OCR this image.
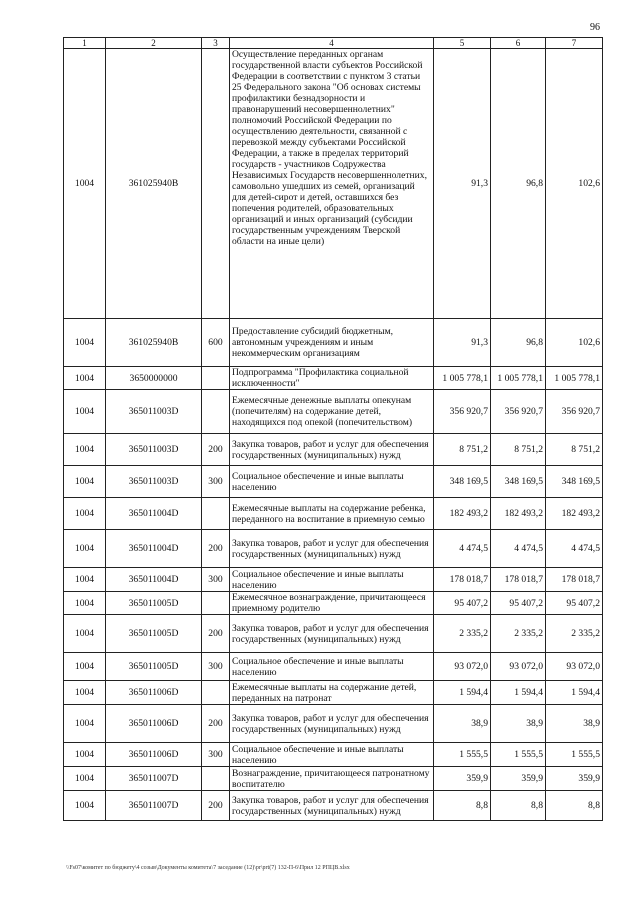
96
1	2	3	4	5	6	7
1004	361025940В		Осуществление переданных органам государственной власти субъектов Российской Федерации в соответствии с пунктом 3 статьи 25 Федерального закона "Об основах системы профилактики безнадзорности и правонарушений несовершеннолетних" полномочий Российской Федерации по осуществлению деятельности, связанной с перевозкой между субъектами Российской Федерации, а также в пределах территорий государств - участников Содружества Независимых Государств несовершеннолетних, самовольно ушедших из семей, организаций для детей-сирот и детей, оставшихся без попечения родителей, образовательных организаций и иных организаций (субсидии государственным учреждениям Тверской области на иные цели)	91,3	96,8	102,6
1004	361025940В	600	Предоставление субсидий бюджетным, автономным учреждениям и иным некоммерческим организациям	91,3	96,8	102,6
1004	3650000000		Подпрограмма "Профилактика социальной исключенности"	1 005 778,1	1 005 778,1	1 005 778,1
1004	365011003D		Ежемесячные денежные выплаты опекунам (попечителям) на содержание детей, находящихся под опекой (попечительством)	356 920,7	356 920,7	356 920,7
1004	365011003D	200	Закупка товаров, работ и услуг для обеспечения государственных (муниципальных) нужд	8 751,2	8 751,2	8 751,2
1004	365011003D	300	Социальное обеспечение и иные выплаты населению	348 169,5	348 169,5	348 169,5
1004	365011004D		Ежемесячные выплаты на содержание ребенка, переданного на воспитание в приемную семью	182 493,2	182 493,2	182 493,2
1004	365011004D	200	Закупка товаров, работ и услуг для обеспечения государственных (муниципальных) нужд	4 474,5	4 474,5	4 474,5
1004	365011004D	300	Социальное обеспечение и иные выплаты населению	178 018,7	178 018,7	178 018,7
1004	365011005D		Ежемесячное вознаграждение, причитающееся приемному родителю	95 407,2	95 407,2	95 407,2
1004	365011005D	200	Закупка товаров, работ и услуг для обеспечения государственных (муниципальных) нужд	2 335,2	2 335,2	2 335,2
1004	365011005D	300	Социальное обеспечение и иные выплаты населению	93 072,0	93 072,0	93 072,0
1004	365011006D		Ежемесячные выплаты на содержание детей, переданных на патронат	1 594,4	1 594,4	1 594,4
1004	365011006D	200	Закупка товаров, работ и услуг для обеспечения государственных (муниципальных) нужд	38,9	38,9	38,9
1004	365011006D	300	Социальное обеспечение и иные выплаты населению	1 555,5	1 555,5	1 555,5
1004	365011007D		Вознаграждение, причитающееся патронатному воспитателю	359,9	359,9	359,9
1004	365011007D	200	Закупка товаров, работ и услуг для обеспечения государственных (муниципальных) нужд	8,8	8,8	8,8
\\Fs07\комитет по бюджету\4 созыв\Документы комитета\7 заседание (12)\pr\prt(7) 132-П-6\Прил 12 РПЦВ.xlsx
